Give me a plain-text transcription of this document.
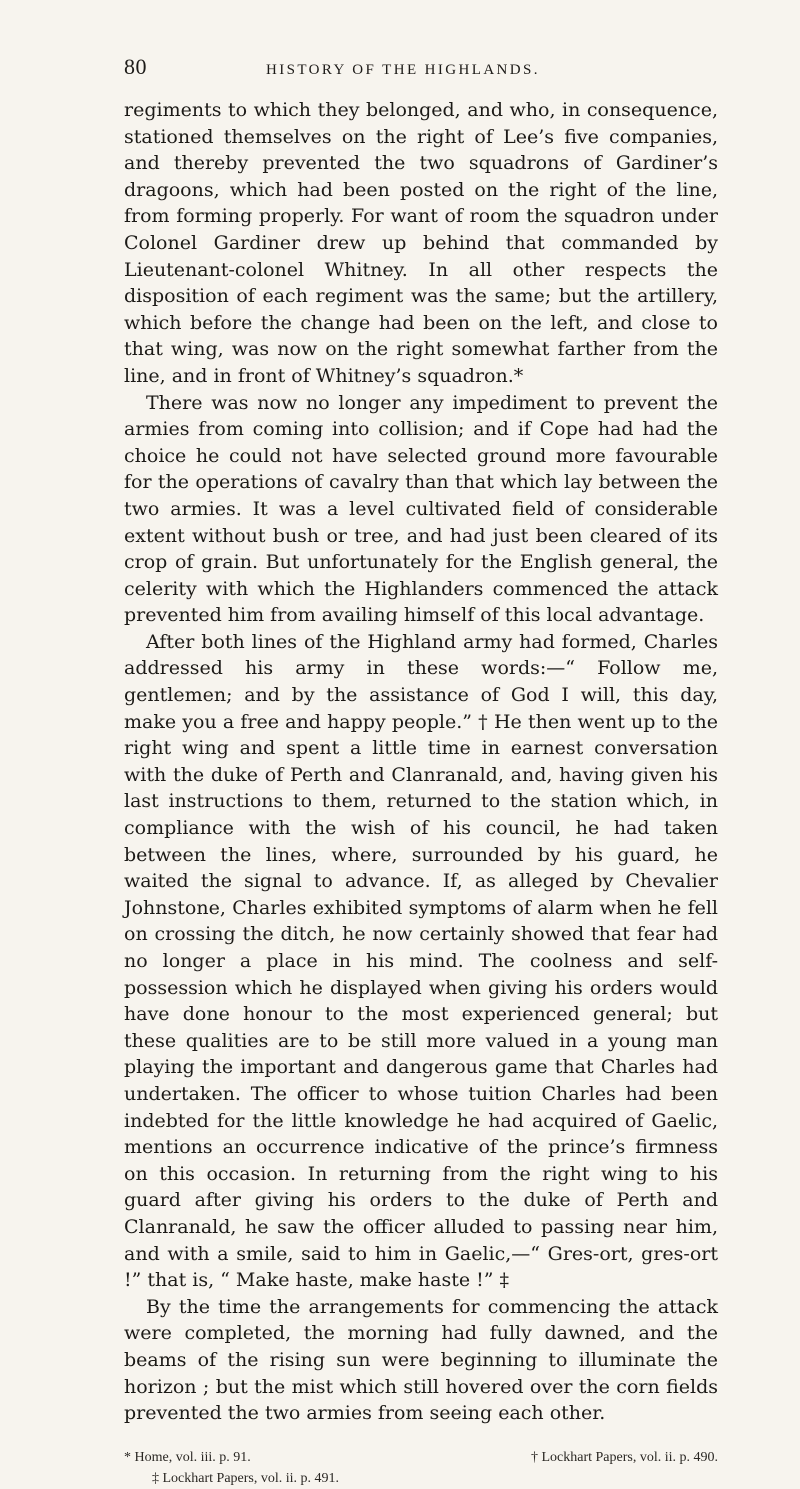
80	HISTORY OF THE HIGHLANDS.

regiments to which they belonged, and who, in consequence, stationed themselves on the right of Lee’s five companies, and thereby prevented the two squadrons of Gardiner’s dragoons, which had been posted on the right of the line, from forming properly. For want of room the squadron under Colonel Gardiner drew up behind that commanded by Lieutenant-colonel Whitney. In all other respects the disposition of each regiment was the same; but the artillery, which before the change had been on the left, and close to that wing, was now on the right somewhat farther from the line, and in front of Whitney’s squadron.*

There was now no longer any impediment to prevent the armies from coming into collision; and if Cope had had the choice he could not have selected ground more favourable for the operations of cavalry than that which lay between the two armies. It was a level cultivated field of considerable extent without bush or tree, and had just been cleared of its crop of grain. But unfortunately for the English general, the celerity with which the Highlanders commenced the attack prevented him from availing himself of this local advantage.

After both lines of the Highland army had formed, Charles addressed his army in these words:—“ Follow me, gentlemen; and by the assistance of God I will, this day, make you a free and happy people.” † He then went up to the right wing and spent a little time in earnest conversation with the duke of Perth and Clanranald, and, having given his last instructions to them, returned to the station which, in compliance with the wish of his council, he had taken between the lines, where, surrounded by his guard, he waited the signal to advance. If, as alleged by Chevalier Johnstone, Charles exhibited symptoms of alarm when he fell on crossing the ditch, he now certainly showed that fear had no longer a place in his mind. The coolness and self-possession which he displayed when giving his orders would have done honour to the most experienced general; but these qualities are to be still more valued in a young man playing the important and dangerous game that Charles had undertaken. The officer to whose tuition Charles had been indebted for the little knowledge he had acquired of Gaelic, mentions an occurrence indicative of the prince’s firmness on this occasion. In returning from the right wing to his guard after giving his orders to the duke of Perth and Clanranald, he saw the officer alluded to passing near him, and with a smile, said to him in Gaelic,—“ Gres-ort, gres-ort !” that is, “ Make haste, make haste !” ‡

By the time the arrangements for commencing the attack were completed, the morning had fully dawned, and the beams of the rising sun were beginning to illuminate the horizon ; but the mist which still hovered over the corn fields prevented the two armies from seeing each other.

* Home, vol. iii. p. 91.	† Lockhart Papers, vol. ii. p. 490.
‡ Lockhart Papers, vol. ii. p. 491.
